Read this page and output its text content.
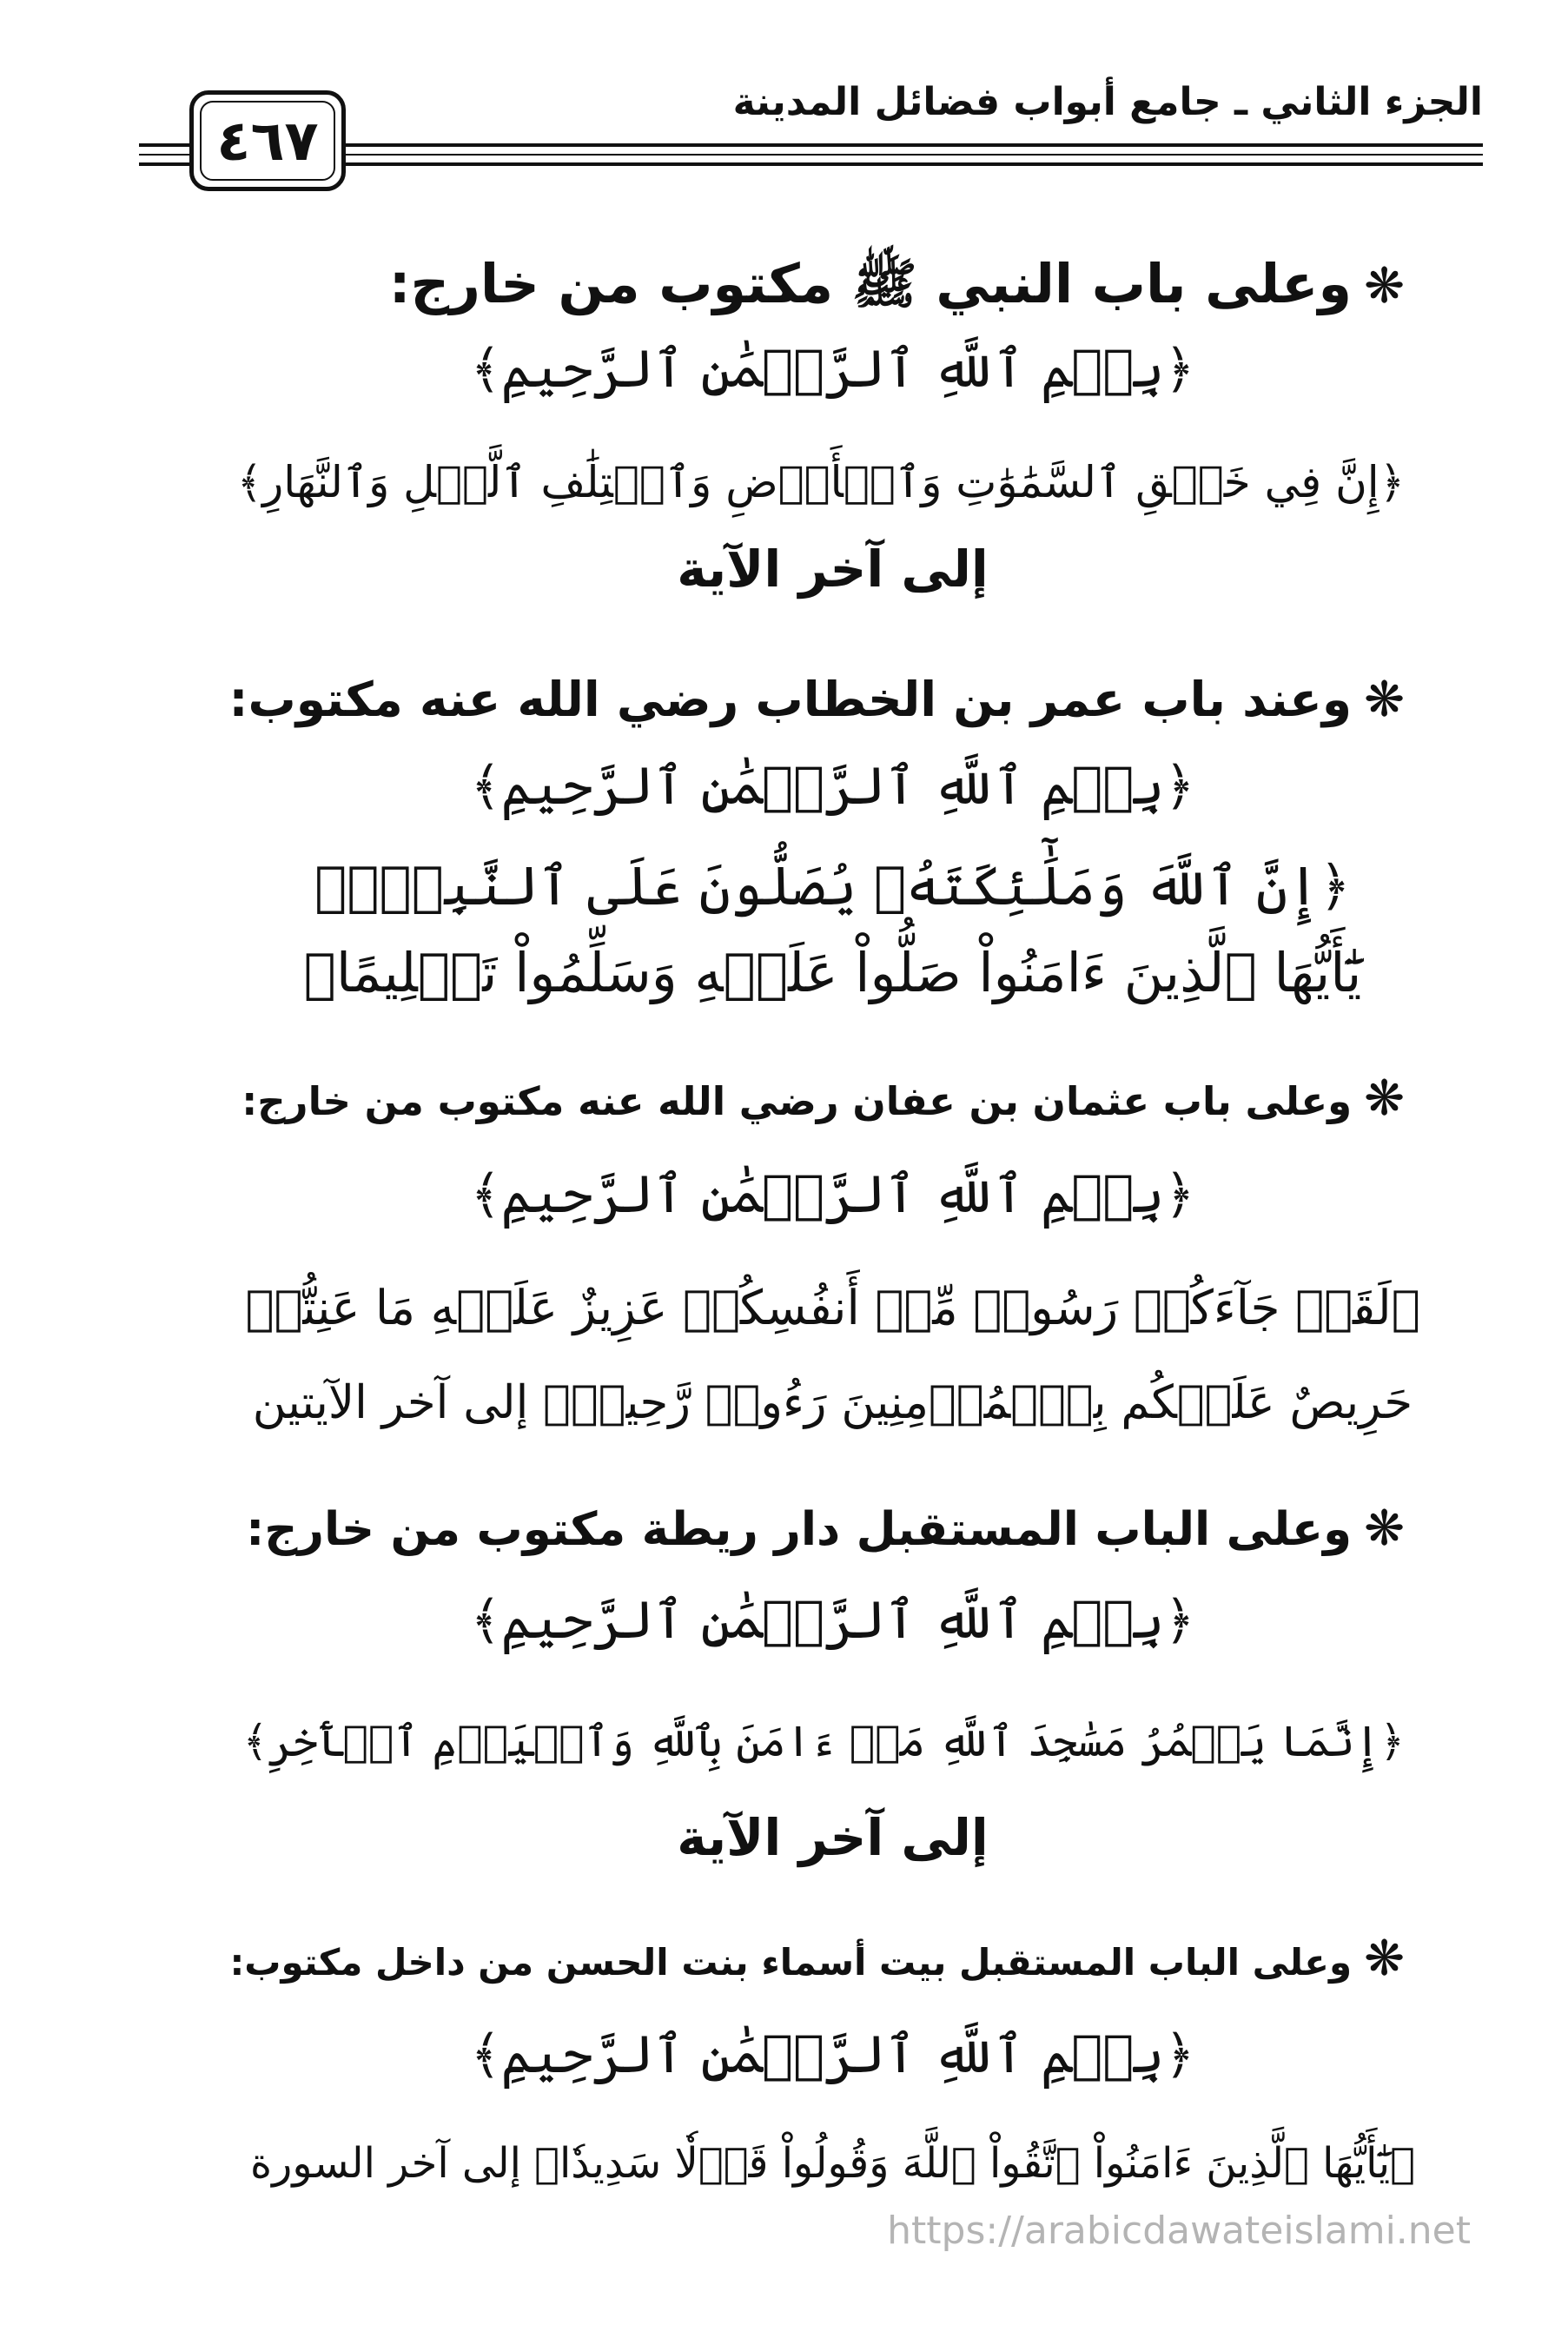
الجزء الثاني ـ جامع أبواب فضائل المدينة
٤٦٧
❋وعلى باب النبي ﷺ مكتوب من خارج:
﴿بِسۡمِ ٱللَّهِ ٱلرَّحۡمَٰنِ ٱلرَّحِيمِ﴾
﴿إِنَّ فِي خَلۡقِ ٱلسَّمَٰوَٰتِ وَٱلۡأَرۡضِ وَٱخۡتِلَٰفِ ٱلَّيۡلِ وَٱلنَّهَارِ﴾
إلى آخر الآية
❋وعند باب عمر بن الخطاب رضي الله عنه مكتوب:
﴿بِسۡمِ ٱللَّهِ ٱلرَّحۡمَٰنِ ٱلرَّحِيمِ﴾
﴿إِنَّ ٱللَّهَ وَمَلَٰٓئِكَتَهُۥ يُصَلُّونَ عَلَى ٱلنَّبِيِّۚ
يَٰٓأَيُّهَا ٱلَّذِينَ ءَامَنُواْ صَلُّواْ عَلَيۡهِ وَسَلِّمُواْ تَسۡلِيمًا﴾
❋وعلى باب عثمان بن عفان رضي الله عنه مكتوب من خارج:
﴿بِسۡمِ ٱللَّهِ ٱلرَّحۡمَٰنِ ٱلرَّحِيمِ﴾
﴿لَقَدۡ جَآءَكُمۡ رَسُولٞ مِّنۡ أَنفُسِكُمۡ عَزِيزٌ عَلَيۡهِ مَا عَنِتُّمۡ
حَرِيصٌ عَلَيۡكُم بِٱلۡمُؤۡمِنِينَ رَءُوفٞ رَّحِيمٞ﴾ إلى آخر الآيتين
❋وعلى الباب المستقبل دار ريطة مكتوب من خارج:
﴿بِسۡمِ ٱللَّهِ ٱلرَّحۡمَٰنِ ٱلرَّحِيمِ﴾
﴿إِنَّمَا يَعۡمُرُ مَسَٰجِدَ ٱللَّهِ مَنۡ ءَامَنَ بِٱللَّهِ وَٱلۡيَوۡمِ ٱلۡأٓخِرِ﴾
إلى آخر الآية
❋وعلى الباب المستقبل بيت أسماء بنت الحسن من داخل مكتوب:
﴿بِسۡمِ ٱللَّهِ ٱلرَّحۡمَٰنِ ٱلرَّحِيمِ﴾
﴿يَٰٓأَيُّهَا ٱلَّذِينَ ءَامَنُواْ ٱتَّقُواْ ٱللَّهَ وَقُولُواْ قَوۡلٗا سَدِيدٗا﴾ إلى آخر السورة
https://arabicdawateislami.net
